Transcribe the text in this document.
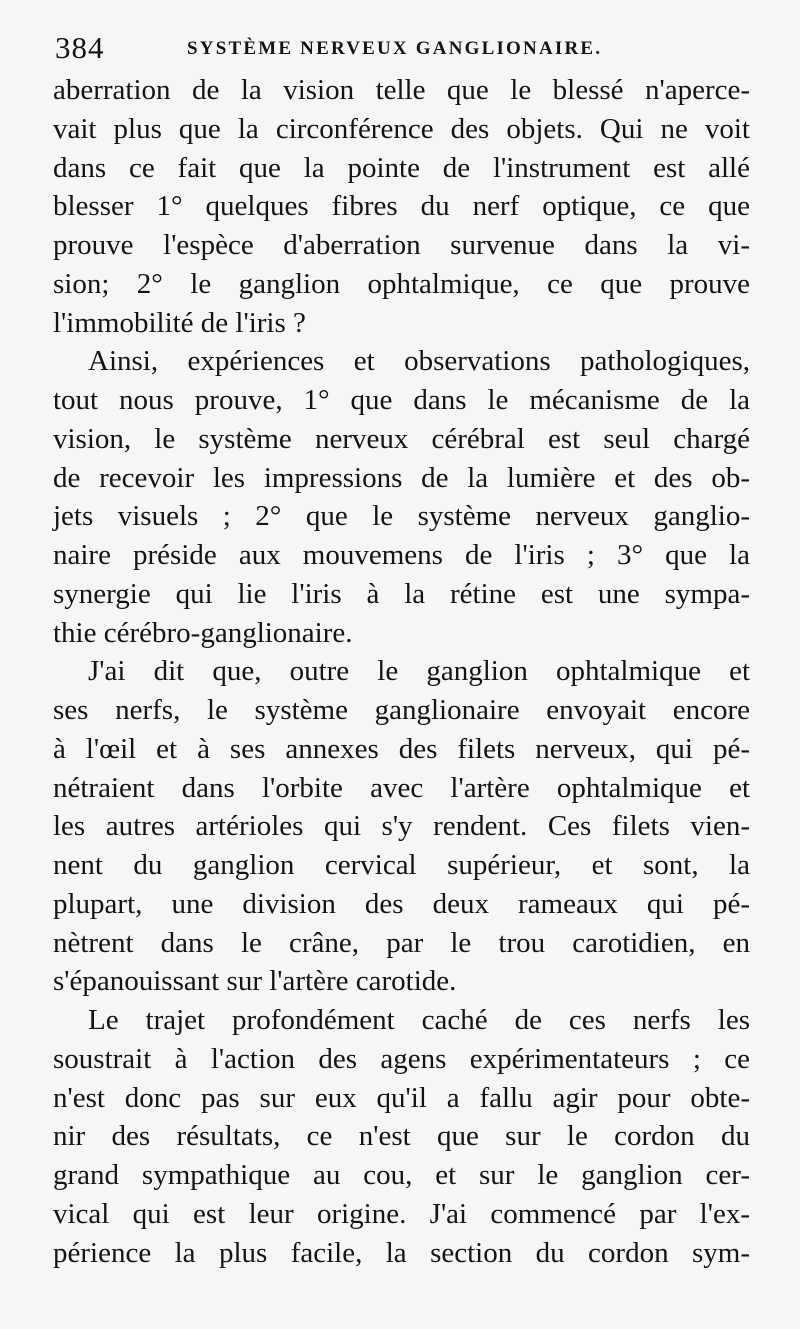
384	SYSTÈME NERVEUX GANGLIONAIRE.
aberration de la vision telle que le blessé n'aperce-
vait plus que la circonférence des objets. Qui ne voit
dans ce fait que la pointe de l'instrument est allé
blesser 1° quelques fibres du nerf optique, ce que
prouve l'espèce d'aberration survenue dans la vi-
sion; 2° le ganglion ophtalmique, ce que prouve
l'immobilité de l'iris ?
Ainsi, expériences et observations pathologiques,
tout nous prouve, 1° que dans le mécanisme de la
vision, le système nerveux cérébral est seul chargé
de recevoir les impressions de la lumière et des ob-
jets visuels ; 2° que le système nerveux ganglio-
naire préside aux mouvemens de l'iris ; 3° que la
synergie qui lie l'iris à la rétine est une sympa-
thie cérébro-ganglionaire.
J'ai dit que, outre le ganglion ophtalmique et
ses nerfs, le système ganglionaire envoyait encore
à l'œil et à ses annexes des filets nerveux, qui pé-
nétraient dans l'orbite avec l'artère ophtalmique et
les autres artérioles qui s'y rendent. Ces filets vien-
nent du ganglion cervical supérieur, et sont, la
plupart, une division des deux rameaux qui pé-
nètrent dans le crâne, par le trou carotidien, en
s'épanouissant sur l'artère carotide.
Le trajet profondément caché de ces nerfs les
soustrait à l'action des agens expérimentateurs ; ce
n'est donc pas sur eux qu'il a fallu agir pour obte-
nir des résultats, ce n'est que sur le cordon du
grand sympathique au cou, et sur le ganglion cer-
vical qui est leur origine. J'ai commencé par l'ex-
périence la plus facile, la section du cordon sym-
